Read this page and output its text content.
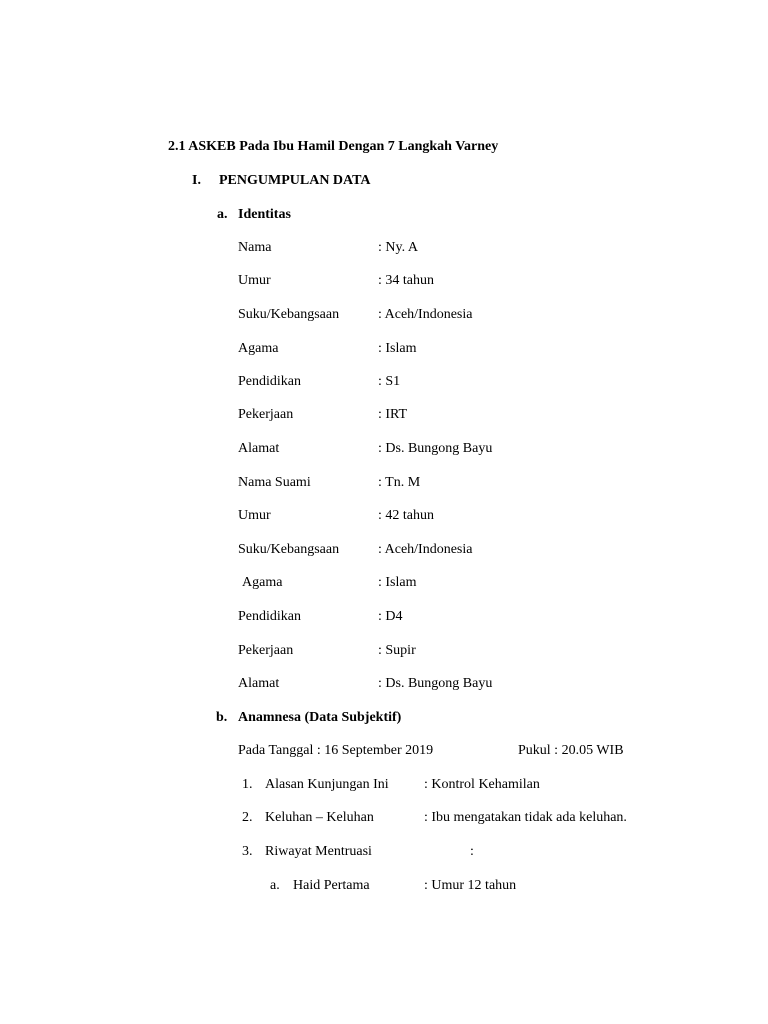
2.1 ASKEB Pada Ibu Hamil Dengan 7 Langkah Varney
I. PENGUMPULAN DATA
a. Identitas
Nama	: Ny. A
Umur	: 34 tahun
Suku/Kebangsaan	: Aceh/Indonesia
Agama	: Islam
Pendidikan	: S1
Pekerjaan	: IRT
Alamat	: Ds. Bungong Bayu
Nama Suami	: Tn. M
Umur	: 42 tahun
Suku/Kebangsaan	: Aceh/Indonesia
Agama	: Islam
Pendidikan	: D4
Pekerjaan	: Supir
Alamat	: Ds. Bungong Bayu
b. Anamnesa (Data Subjektif)
Pada Tanggal : 16 September 2019	Pukul : 20.05 WIB
1. Alasan Kunjungan Ini	: Kontrol Kehamilan
2. Keluhan – Keluhan	: Ibu mengatakan tidak ada keluhan.
3. Riwayat Mentruasi	:
a. Haid Pertama	: Umur 12 tahun
